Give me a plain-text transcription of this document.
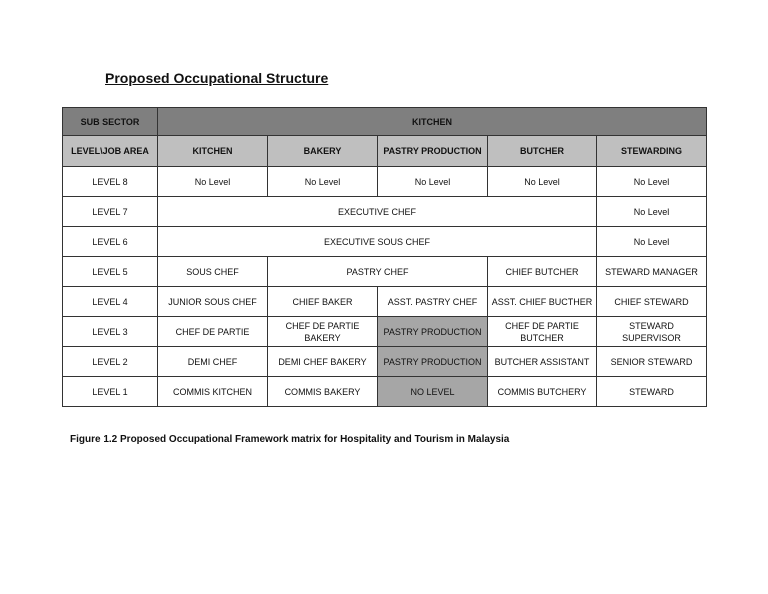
Proposed Occupational Structure
SUB SECTOR	KITCHEN				
LEVEL\JOB AREA	KITCHEN	BAKERY	PASTRY PRODUCTION	BUTCHER	STEWARDING
LEVEL 8	No Level	No Level	No Level	No Level	No Level
LEVEL 7	EXECUTIVE CHEF				No Level
LEVEL 6	EXECUTIVE SOUS CHEF				No Level
LEVEL 5	SOUS CHEF	PASTRY CHEF		CHIEF BUTCHER	STEWARD MANAGER
LEVEL 4	JUNIOR SOUS CHEF	CHIEF BAKER	ASST. PASTRY CHEF	ASST. CHIEF BUCTHER	CHIEF STEWARD
LEVEL 3	CHEF DE PARTIE	CHEF DE PARTIE BAKERY	PASTRY PRODUCTION	CHEF DE PARTIE BUTCHER	STEWARD SUPERVISOR
LEVEL 2	DEMI CHEF	DEMI CHEF BAKERY	PASTRY PRODUCTION	BUTCHER ASSISTANT	SENIOR STEWARD
LEVEL 1	COMMIS KITCHEN	COMMIS BAKERY	NO LEVEL	COMMIS BUTCHERY	STEWARD
Figure 1.2 Proposed Occupational Framework matrix for Hospitality and Tourism in Malaysia
